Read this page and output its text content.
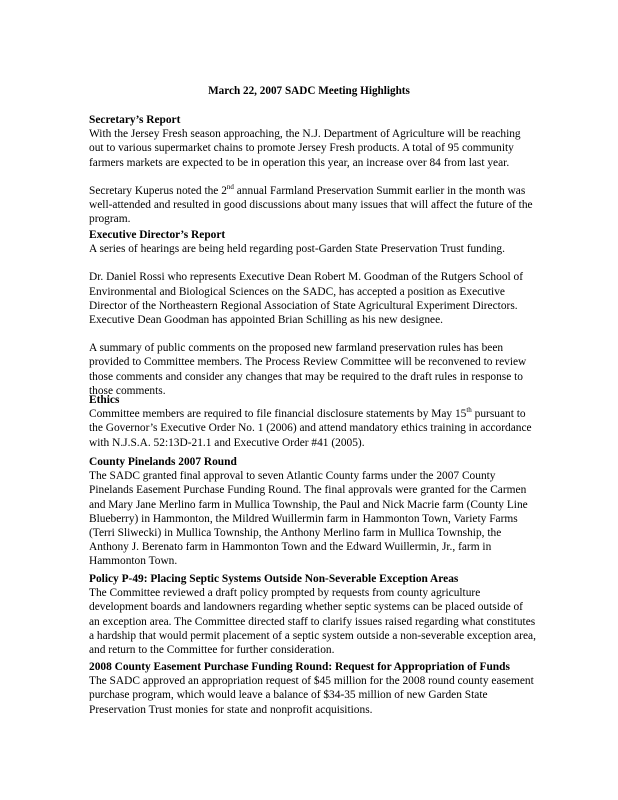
March 22, 2007 SADC Meeting Highlights
Secretary’s Report
With the Jersey Fresh season approaching, the N.J. Department of Agriculture will be reaching
out to various supermarket chains to promote Jersey Fresh products. A total of 95 community
farmers markets are expected to be in operation this year, an increase over 84 from last year.
Secretary Kuperus noted the 2nd annual Farmland Preservation Summit earlier in the month was
well-attended and resulted in good discussions about many issues that will affect the future of the
program.
Executive Director’s Report
A series of hearings are being held regarding post-Garden State Preservation Trust funding.
Dr. Daniel Rossi who represents Executive Dean Robert M. Goodman of the Rutgers School of
Environmental and Biological Sciences on the SADC, has accepted a position as Executive
Director of the Northeastern Regional Association of State Agricultural Experiment Directors.
Executive Dean Goodman has appointed Brian Schilling as his new designee.
A summary of public comments on the proposed new farmland preservation rules has been
provided to Committee members. The Process Review Committee will be reconvened to review
those comments and consider any changes that may be required to the draft rules in response to
those comments.
Ethics
Committee members are required to file financial disclosure statements by May 15th pursuant to
the Governor’s Executive Order No. 1 (2006) and attend mandatory ethics training in accordance
with N.J.S.A. 52:13D-21.1 and Executive Order #41 (2005).
County Pinelands 2007 Round
The SADC granted final approval to seven Atlantic County farms under the 2007 County
Pinelands Easement Purchase Funding Round. The final approvals were granted for the Carmen
and Mary Jane Merlino farm in Mullica Township, the Paul and Nick Macrie farm (County Line
Blueberry) in Hammonton, the Mildred Wuillermin farm in Hammonton Town, Variety Farms
(Terri Sliwecki) in Mullica Township, the Anthony Merlino farm in Mullica Township, the
Anthony J. Berenato farm in Hammonton Town and the Edward Wuillermin, Jr., farm in
Hammonton Town.
Policy P-49: Placing Septic Systems Outside Non-Severable Exception Areas
The Committee reviewed a draft policy prompted by requests from county agriculture
development boards and landowners regarding whether septic systems can be placed outside of
an exception area. The Committee directed staff to clarify issues raised regarding what constitutes
a hardship that would permit placement of a septic system outside a non-severable exception area,
and return to the Committee for further consideration.
2008 County Easement Purchase Funding Round: Request for Appropriation of Funds
The SADC approved an appropriation request of $45 million for the 2008 round county easement
purchase program, which would leave a balance of $34-35 million of new Garden State
Preservation Trust monies for state and nonprofit acquisitions.
